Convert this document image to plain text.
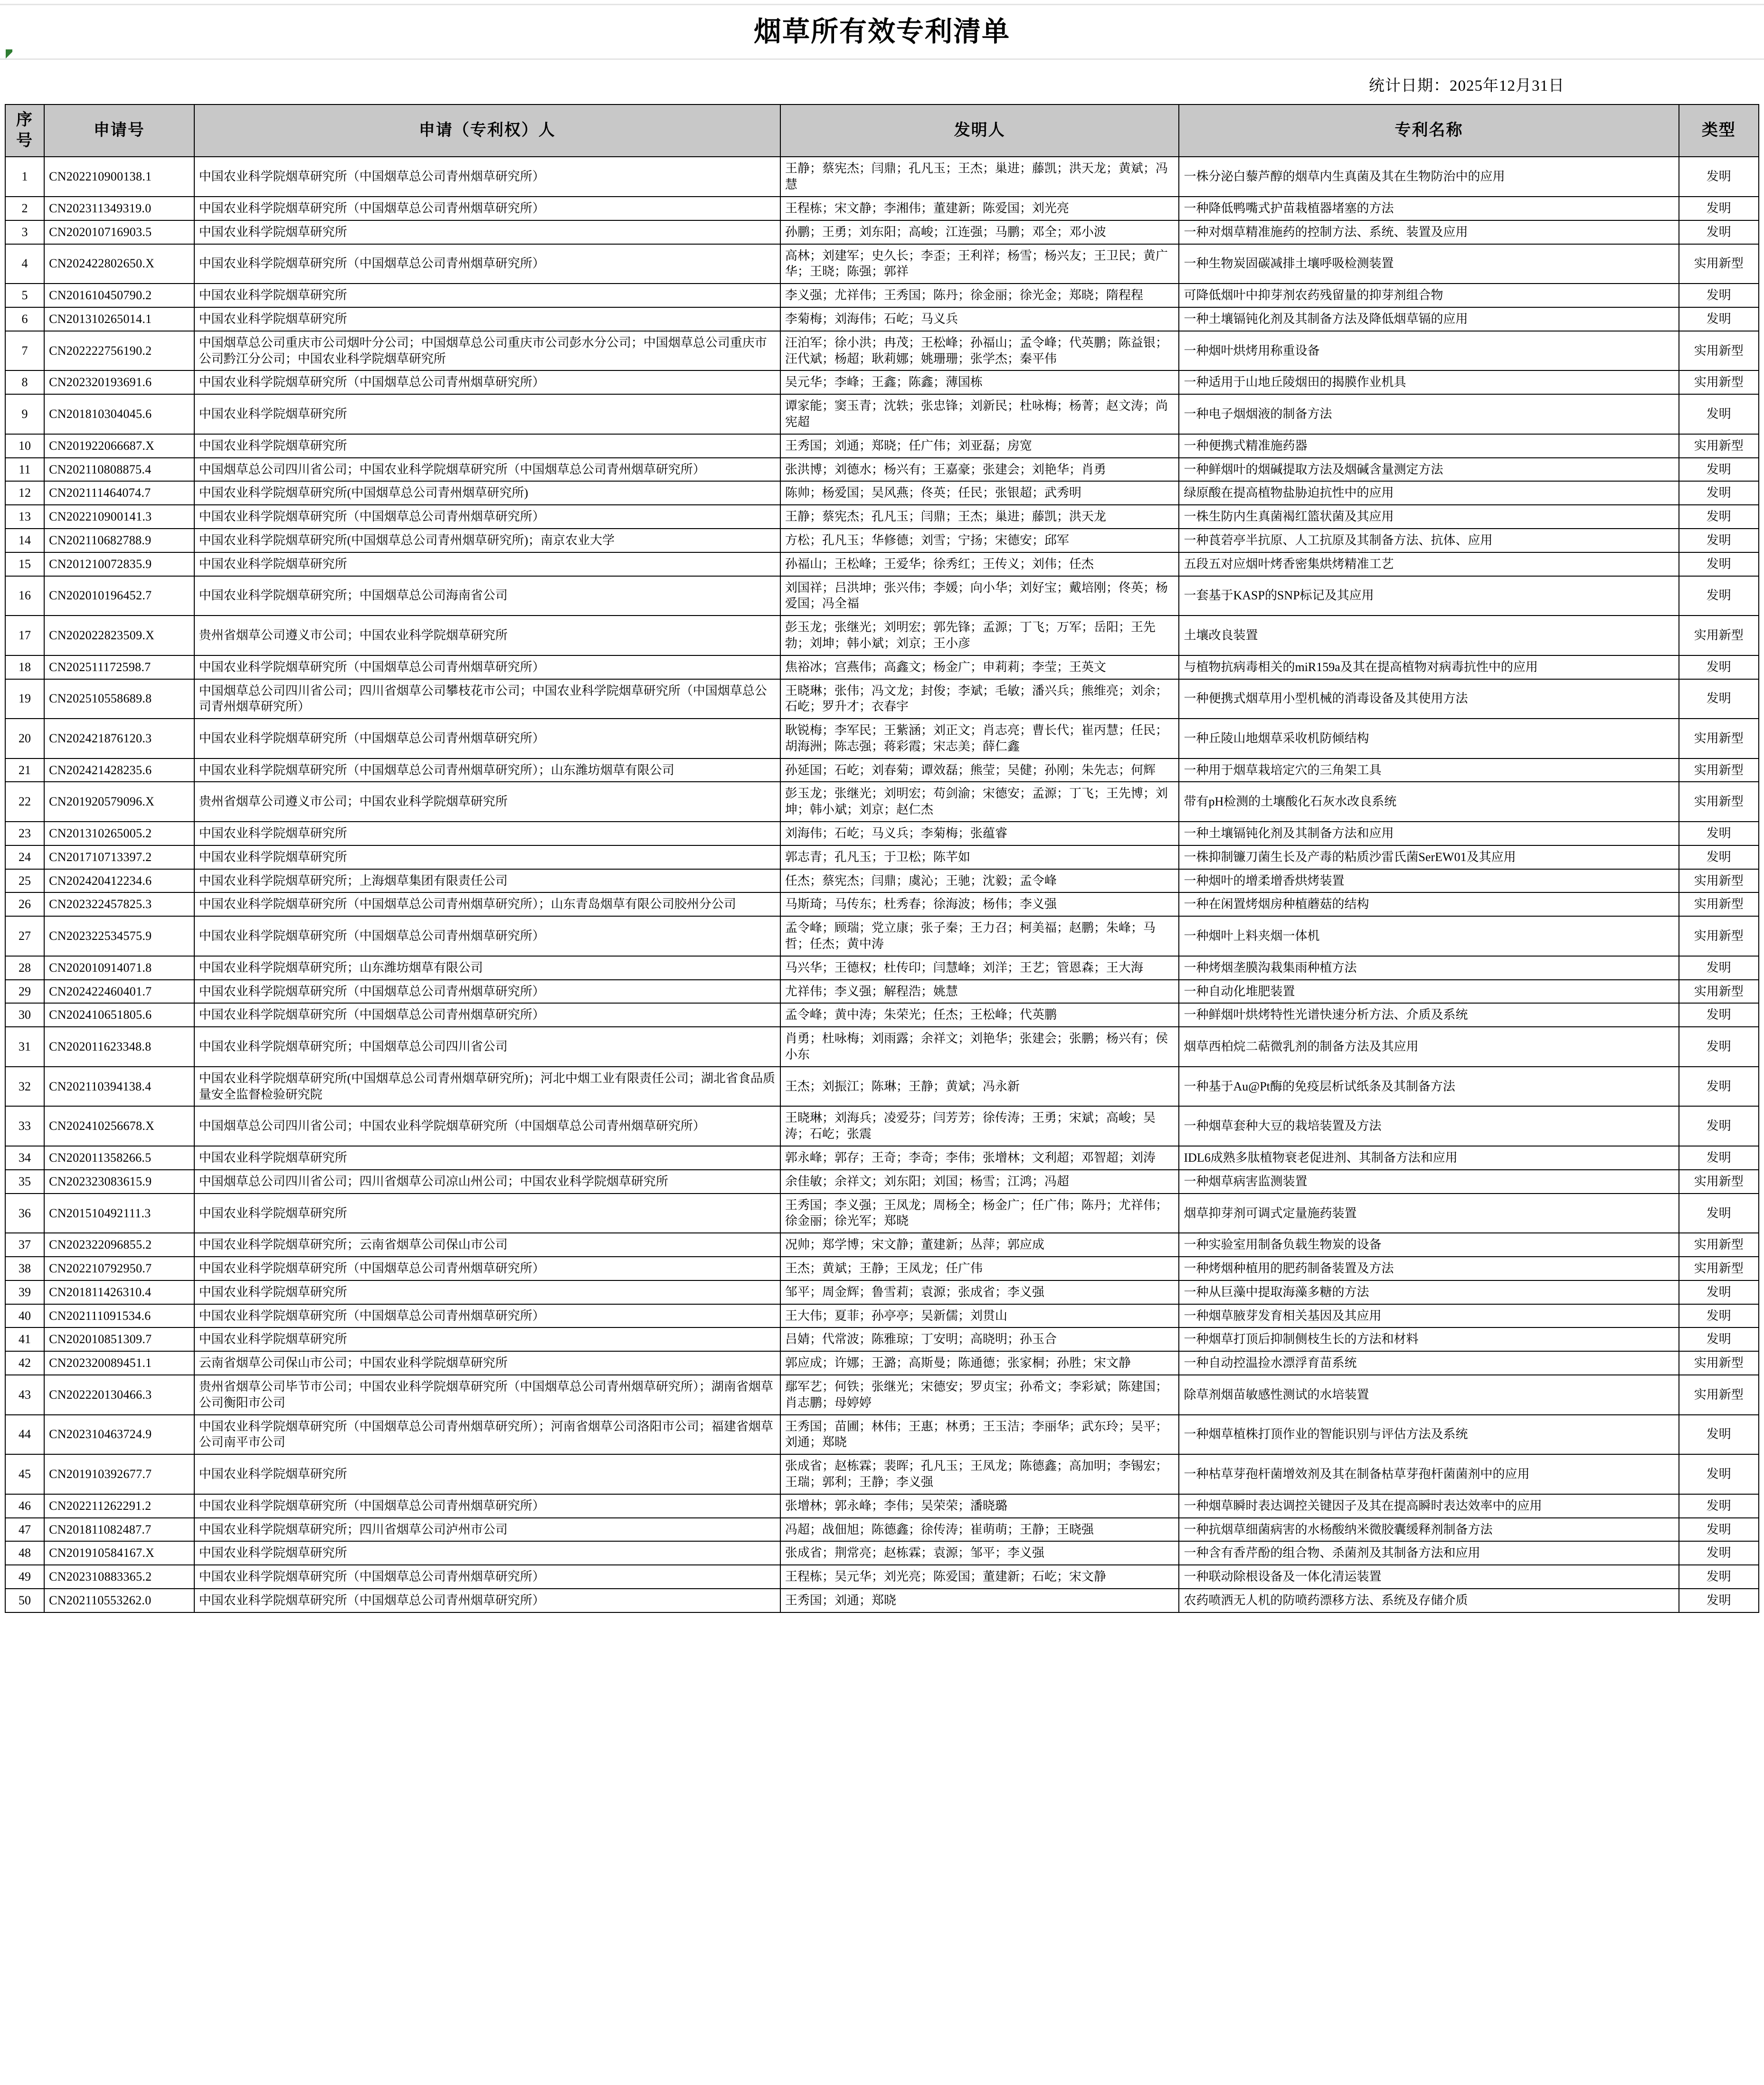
烟草所有效专利清单
统计日期：2025年12月31日
序号	申请号	申请（专利权）人	发明人	专利名称	类型
1	CN202210900138.1	中国农业科学院烟草研究所（中国烟草总公司青州烟草研究所）	王静；蔡宪杰；闫鼎；孔凡玉；王杰；巢进；藤凯；洪天龙；黄斌；冯慧	一株分泌白藜芦醇的烟草内生真菌及其在生物防治中的应用	发明
2	CN202311349319.0	中国农业科学院烟草研究所（中国烟草总公司青州烟草研究所）	王程栋；宋文静；李湘伟；董建新；陈爱国；刘光亮	一种降低鸭嘴式护苗栽植器堵塞的方法	发明
3	CN202010716903.5	中国农业科学院烟草研究所	孙鹏；王勇；刘东阳；高峻；江连强；马鹏；邓全；邓小波	一种对烟草精准施药的控制方法、系统、装置及应用	发明
4	CN202422802650.X	中国农业科学院烟草研究所（中国烟草总公司青州烟草研究所）	高林；刘建军；史久长；李歪；王利祥；杨雪；杨兴友；王卫民；黄广华；王晓；陈强；郭祥	一种生物炭固碳减排土壤呼吸检测装置	实用新型
5	CN201610450790.2	中国农业科学院烟草研究所	李义强；尤祥伟；王秀国；陈丹；徐金丽；徐光金；郑晓；隋程程	可降低烟叶中抑芽剂农药残留量的抑芽剂组合物	发明
6	CN201310265014.1	中国农业科学院烟草研究所	李菊梅；刘海伟；石屹；马义兵	一种土壤镉钝化剂及其制备方法及降低烟草镉的应用	发明
7	CN202222756190.2	中国烟草总公司重庆市公司烟叶分公司；中国烟草总公司重庆市公司彭水分公司；中国烟草总公司重庆市公司黔江分公司；中国农业科学院烟草研究所	汪泊军；徐小洪；冉茂；王松峰；孙福山；孟令峰；代英鹏；陈益银；汪代斌；杨超；耿莉娜；姚珊珊；张学杰；秦平伟	一种烟叶烘烤用称重设备	实用新型
8	CN202320193691.6	中国农业科学院烟草研究所（中国烟草总公司青州烟草研究所）	吴元华；李峰；王鑫；陈鑫；薄国栋	一种适用于山地丘陵烟田的揭膜作业机具	实用新型
9	CN201810304045.6	中国农业科学院烟草研究所	谭家能；窦玉青；沈轶；张忠锋；刘新民；杜咏梅；杨菁；赵文涛；尚宪超	一种电子烟烟液的制备方法	发明
10	CN201922066687.X	中国农业科学院烟草研究所	王秀国；刘通；郑晓；任广伟；刘亚磊；房宽	一种便携式精准施药器	实用新型
11	CN202110808875.4	中国烟草总公司四川省公司；中国农业科学院烟草研究所（中国烟草总公司青州烟草研究所）	张洪博；刘德水；杨兴有；王嘉豪；张建会；刘艳华；肖勇	一种鲜烟叶的烟碱提取方法及烟碱含量测定方法	发明
12	CN202111464074.7	中国农业科学院烟草研究所(中国烟草总公司青州烟草研究所)	陈帅；杨爱国；吴风燕；佟英；任民；张银超；武秀明	绿原酸在提高植物盐胁迫抗性中的应用	发明
13	CN202210900141.3	中国农业科学院烟草研究所（中国烟草总公司青州烟草研究所）	王静；蔡宪杰；孔凡玉；闫鼎；王杰；巢进；藤凯；洪天龙	一株生防内生真菌褐红篮状菌及其应用	发明
14	CN202110682788.9	中国农业科学院烟草研究所(中国烟草总公司青州烟草研究所)；南京农业大学	方松；孔凡玉；华修德；刘雪；宁扬；宋德安；邱军	一种莨菪亭半抗原、人工抗原及其制备方法、抗体、应用	发明
15	CN201210072835.9	中国农业科学院烟草研究所	孙福山；王松峰；王爱华；徐秀红；王传义；刘伟；任杰	五段五对应烟叶烤香密集烘烤精准工艺	发明
16	CN202010196452.7	中国农业科学院烟草研究所；中国烟草总公司海南省公司	刘国祥；吕洪坤；张兴伟；李媛；向小华；刘好宝；戴培刚；佟英；杨爱国；冯全福	一套基于KASP的SNP标记及其应用	发明
17	CN202022823509.X	贵州省烟草公司遵义市公司；中国农业科学院烟草研究所	彭玉龙；张继光；刘明宏；郭先锋；孟源；丁飞；万军；岳阳；王先勃；刘坤；韩小斌；刘京；王小彦	土壤改良装置	实用新型
18	CN202511172598.7	中国农业科学院烟草研究所（中国烟草总公司青州烟草研究所）	焦裕冰；宫燕伟；高鑫文；杨金广；申莉莉；李莹；王英文	与植物抗病毒相关的miR159a及其在提高植物对病毒抗性中的应用	发明
19	CN202510558689.8	中国烟草总公司四川省公司；四川省烟草公司攀枝花市公司；中国农业科学院烟草研究所（中国烟草总公司青州烟草研究所）	王晓琳；张伟；冯文龙；封俊；李斌；毛敏；潘兴兵；熊维亮；刘余；石屹；罗升才；衣春宇	一种便携式烟草用小型机械的消毒设备及其使用方法	发明
20	CN202421876120.3	中国农业科学院烟草研究所（中国烟草总公司青州烟草研究所）	耿锐梅；李军民；王紫涵；刘正文；肖志亮；曹长代；崔丙慧；任民；胡海洲；陈志强；蒋彩霞；宋志美；薛仁鑫	一种丘陵山地烟草采收机防倾结构	实用新型
21	CN202421428235.6	中国农业科学院烟草研究所（中国烟草总公司青州烟草研究所）；山东潍坊烟草有限公司	孙延国；石屹；刘春菊；谭效磊；熊莹；吴健；孙刚；朱先志；何辉	一种用于烟草栽培定穴的三角架工具	实用新型
22	CN201920579096.X	贵州省烟草公司遵义市公司；中国农业科学院烟草研究所	彭玉龙；张继光；刘明宏；苟剑渝；宋德安；孟源；丁飞；王先博；刘坤；韩小斌；刘京；赵仁杰	带有pH检测的土壤酸化石灰水改良系统	实用新型
23	CN201310265005.2	中国农业科学院烟草研究所	刘海伟；石屹；马义兵；李菊梅；张蕴睿	一种土壤镉钝化剂及其制备方法和应用	发明
24	CN201710713397.2	中国农业科学院烟草研究所	郭志青；孔凡玉；于卫松；陈芊如	一株抑制镰刀菌生长及产毒的粘质沙雷氏菌SerEW01及其应用	发明
25	CN202420412234.6	中国农业科学院烟草研究所；上海烟草集团有限责任公司	任杰；蔡宪杰；闫鼎；虞沁；王驰；沈毅；孟令峰	一种烟叶的增柔增香烘烤装置	实用新型
26	CN202322457825.3	中国农业科学院烟草研究所（中国烟草总公司青州烟草研究所）；山东青岛烟草有限公司胶州分公司	马斯琦；马传东；杜秀春；徐海波；杨伟；李义强	一种在闲置烤烟房种植蘑菇的结构	实用新型
27	CN202322534575.9	中国农业科学院烟草研究所（中国烟草总公司青州烟草研究所）	孟令峰；顾瑞；党立康；张子秦；王力召；柯美福；赵鹏；朱峰；马哲；任杰；黄中涛	一种烟叶上料夹烟一体机	实用新型
28	CN202010914071.8	中国农业科学院烟草研究所；山东潍坊烟草有限公司	马兴华；王德权；杜传印；闫慧峰；刘洋；王艺；管恩森；王大海	一种烤烟垄膜沟栽集雨种植方法	发明
29	CN202422460401.7	中国农业科学院烟草研究所（中国烟草总公司青州烟草研究所）	尤祥伟；李义强；解程浩；姚慧	一种自动化堆肥装置	实用新型
30	CN202410651805.6	中国农业科学院烟草研究所（中国烟草总公司青州烟草研究所）	孟令峰；黄中涛；朱荣光；任杰；王松峰；代英鹏	一种鲜烟叶烘烤特性光谱快速分析方法、介质及系统	发明
31	CN202011623348.8	中国农业科学院烟草研究所；中国烟草总公司四川省公司	肖勇；杜咏梅；刘雨露；余祥文；刘艳华；张建会；张鹏；杨兴有；侯小东	烟草西柏烷二萜微乳剂的制备方法及其应用	发明
32	CN202110394138.4	中国农业科学院烟草研究所(中国烟草总公司青州烟草研究所)；河北中烟工业有限责任公司；湖北省食品质量安全监督检验研究院	王杰；刘振江；陈琳；王静；黄斌；冯永新	一种基于Au@Pt酶的免疫层析试纸条及其制备方法	发明
33	CN202410256678.X	中国烟草总公司四川省公司；中国农业科学院烟草研究所（中国烟草总公司青州烟草研究所）	王晓琳；刘海兵；凌爱芬；闫芳芳；徐传涛；王勇；宋斌；高峻；吴涛；石屹；张震	一种烟草套种大豆的栽培装置及方法	发明
34	CN202011358266.5	中国农业科学院烟草研究所	郭永峰；郭存；王奇；李奇；李伟；张增林；文利超；邓智超；刘涛	IDL6成熟多肽植物衰老促进剂、其制备方法和应用	发明
35	CN202323083615.9	中国烟草总公司四川省公司；四川省烟草公司凉山州公司；中国农业科学院烟草研究所	余佳敏；余祥文；刘东阳；刘国；杨雪；江鸿；冯超	一种烟草病害监测装置	实用新型
36	CN201510492111.3	中国农业科学院烟草研究所	王秀国；李义强；王凤龙；周杨全；杨金广；任广伟；陈丹；尤祥伟；徐金丽；徐光军；郑晓	烟草抑芽剂可调式定量施药装置	发明
37	CN202322096855.2	中国农业科学院烟草研究所；云南省烟草公司保山市公司	况帅；郑学博；宋文静；董建新；丛萍；郭应成	一种实验室用制备负载生物炭的设备	实用新型
38	CN202210792950.7	中国农业科学院烟草研究所（中国烟草总公司青州烟草研究所）	王杰；黄斌；王静；王凤龙；任广伟	一种烤烟种植用的肥药制备装置及方法	实用新型
39	CN201811426310.4	中国农业科学院烟草研究所	邹平；周金辉；鲁雪莉；袁源；张成省；李义强	一种从巨藻中提取海藻多糖的方法	发明
40	CN202111091534.6	中国农业科学院烟草研究所（中国烟草总公司青州烟草研究所）	王大伟；夏菲；孙亭亭；吴新儒；刘贯山	一种烟草腋芽发育相关基因及其应用	发明
41	CN202010851309.7	中国农业科学院烟草研究所	吕婧；代常波；陈雅琼；丁安明；高晓明；孙玉合	一种烟草打顶后抑制侧枝生长的方法和材料	发明
42	CN202320089451.1	云南省烟草公司保山市公司；中国农业科学院烟草研究所	郭应成；许娜；王潞；高斯曼；陈通德；张家桐；孙胜；宋文静	一种自动控温捡水漂浮育苗系统	实用新型
43	CN202220130466.3	贵州省烟草公司毕节市公司；中国农业科学院烟草研究所（中国烟草总公司青州烟草研究所）；湖南省烟草公司衡阳市公司	鄢军艺；何铁；张继光；宋德安；罗贞宝；孙希文；李彩斌；陈建国；肖志鹏；母婷婷	除草剂烟苗敏感性测试的水培装置	实用新型
44	CN202310463724.9	中国农业科学院烟草研究所（中国烟草总公司青州烟草研究所）；河南省烟草公司洛阳市公司；福建省烟草公司南平市公司	王秀国；苗圃；林伟；王惠；林勇；王玉洁；李丽华；武东玲；吴平；刘通；郑晓	一种烟草植株打顶作业的智能识别与评估方法及系统	发明
45	CN201910392677.7	中国农业科学院烟草研究所	张成省；赵栋霖；裴晖；孔凡玉；王凤龙；陈德鑫；高加明；李锡宏；王瑞；郭利；王静；李义强	一种枯草芽孢杆菌增效剂及其在制备枯草芽孢杆菌菌剂中的应用	发明
46	CN202211262291.2	中国农业科学院烟草研究所（中国烟草总公司青州烟草研究所）	张增林；郭永峰；李伟；吴荣荣；潘晓璐	一种烟草瞬时表达调控关键因子及其在提高瞬时表达效率中的应用	发明
47	CN201811082487.7	中国农业科学院烟草研究所；四川省烟草公司泸州市公司	冯超；战佃旭；陈德鑫；徐传涛；崔萌萌；王静；王晓强	一种抗烟草细菌病害的水杨酸纳米微胶囊缓释剂制备方法	发明
48	CN201910584167.X	中国农业科学院烟草研究所	张成省；荆常亮；赵栋霖；袁源；邹平；李义强	一种含有香芹酚的组合物、杀菌剂及其制备方法和应用	发明
49	CN202310883365.2	中国农业科学院烟草研究所（中国烟草总公司青州烟草研究所）	王程栋；吴元华；刘光亮；陈爱国；董建新；石屹；宋文静	一种联动除根设备及一体化清运装置	发明
50	CN202110553262.0	中国农业科学院烟草研究所（中国烟草总公司青州烟草研究所）	王秀国；刘通；郑晓	农药喷洒无人机的防喷药漂移方法、系统及存储介质	发明
